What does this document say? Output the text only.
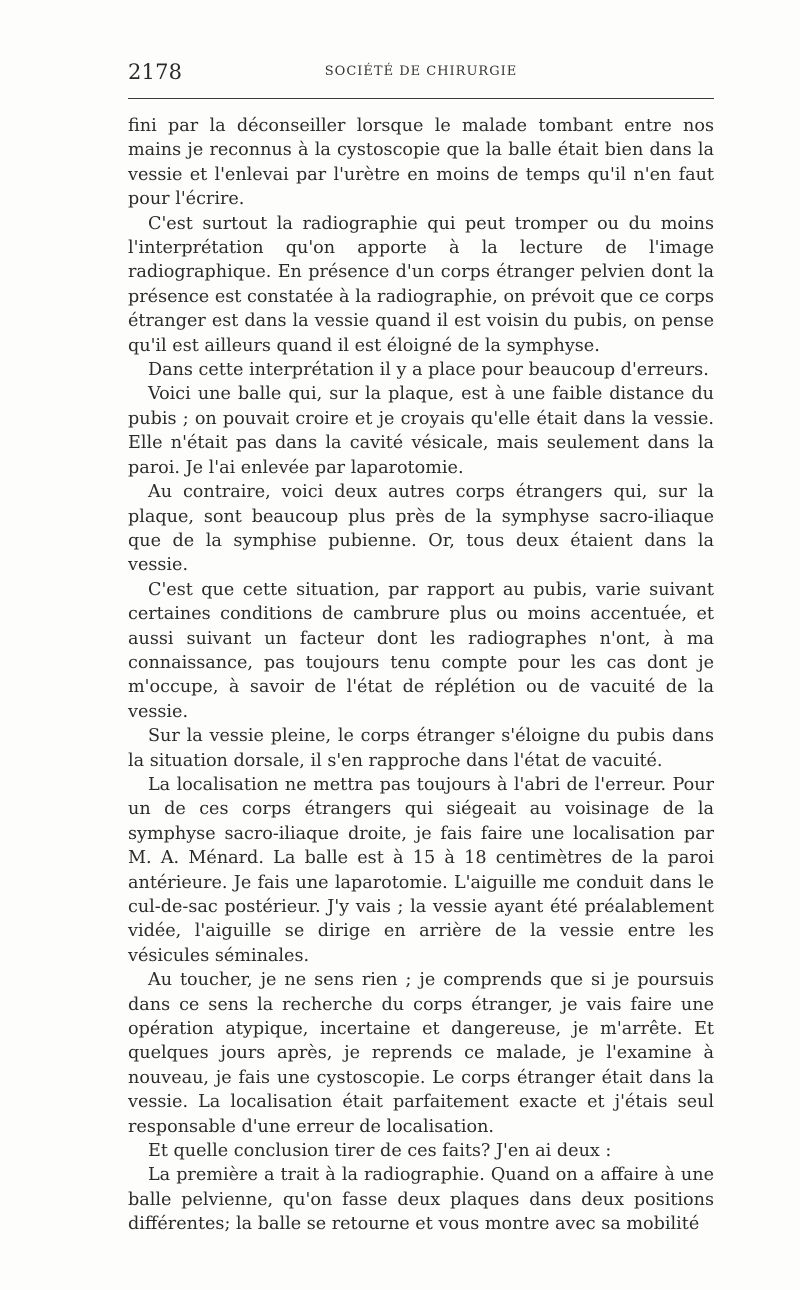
2178	SOCIÉTÉ DE CHIRURGIE

fini par la déconseiller lorsque le malade tombant entre nos mains je reconnus à la cystoscopie que la balle était bien dans la vessie et l'enlevai par l'urètre en moins de temps qu'il n'en faut pour l'écrire.

C'est surtout la radiographie qui peut tromper ou du moins l'interprétation qu'on apporte à la lecture de l'image radiographique. En présence d'un corps étranger pelvien dont la présence est constatée à la radiographie, on prévoit que ce corps étranger est dans la vessie quand il est voisin du pubis, on pense qu'il est ailleurs quand il est éloigné de la symphyse.

Dans cette interprétation il y a place pour beaucoup d'erreurs.

Voici une balle qui, sur la plaque, est à une faible distance du pubis ; on pouvait croire et je croyais qu'elle était dans la vessie. Elle n'était pas dans la cavité vésicale, mais seulement dans la paroi. Je l'ai enlevée par laparotomie.

Au contraire, voici deux autres corps étrangers qui, sur la plaque, sont beaucoup plus près de la symphyse sacro-iliaque que de la symphise pubienne. Or, tous deux étaient dans la vessie.

C'est que cette situation, par rapport au pubis, varie suivant certaines conditions de cambrure plus ou moins accentuée, et aussi suivant un facteur dont les radiographes n'ont, à ma connaissance, pas toujours tenu compte pour les cas dont je m'occupe, à savoir de l'état de réplétion ou de vacuité de la vessie.

Sur la vessie pleine, le corps étranger s'éloigne du pubis dans la situation dorsale, il s'en rapproche dans l'état de vacuité.

La localisation ne mettra pas toujours à l'abri de l'erreur. Pour un de ces corps étrangers qui siégeait au voisinage de la symphyse sacro-iliaque droite, je fais faire une localisation par M. A. Ménard. La balle est à 15 à 18 centimètres de la paroi antérieure. Je fais une laparotomie. L'aiguille me conduit dans le cul-de-sac postérieur. J'y vais ; la vessie ayant été préalablement vidée, l'aiguille se dirige en arrière de la vessie entre les vésicules séminales.

Au toucher, je ne sens rien ; je comprends que si je poursuis dans ce sens la recherche du corps étranger, je vais faire une opération atypique, incertaine et dangereuse, je m'arrête. Et quelques jours après, je reprends ce malade, je l'examine à nouveau, je fais une cystoscopie. Le corps étranger était dans la vessie. La localisation était parfaitement exacte et j'étais seul responsable d'une erreur de localisation.

Et quelle conclusion tirer de ces faits? J'en ai deux :

La première a trait à la radiographie. Quand on a affaire à une balle pelvienne, qu'on fasse deux plaques dans deux positions différentes; la balle se retourne et vous montre avec sa mobilité
